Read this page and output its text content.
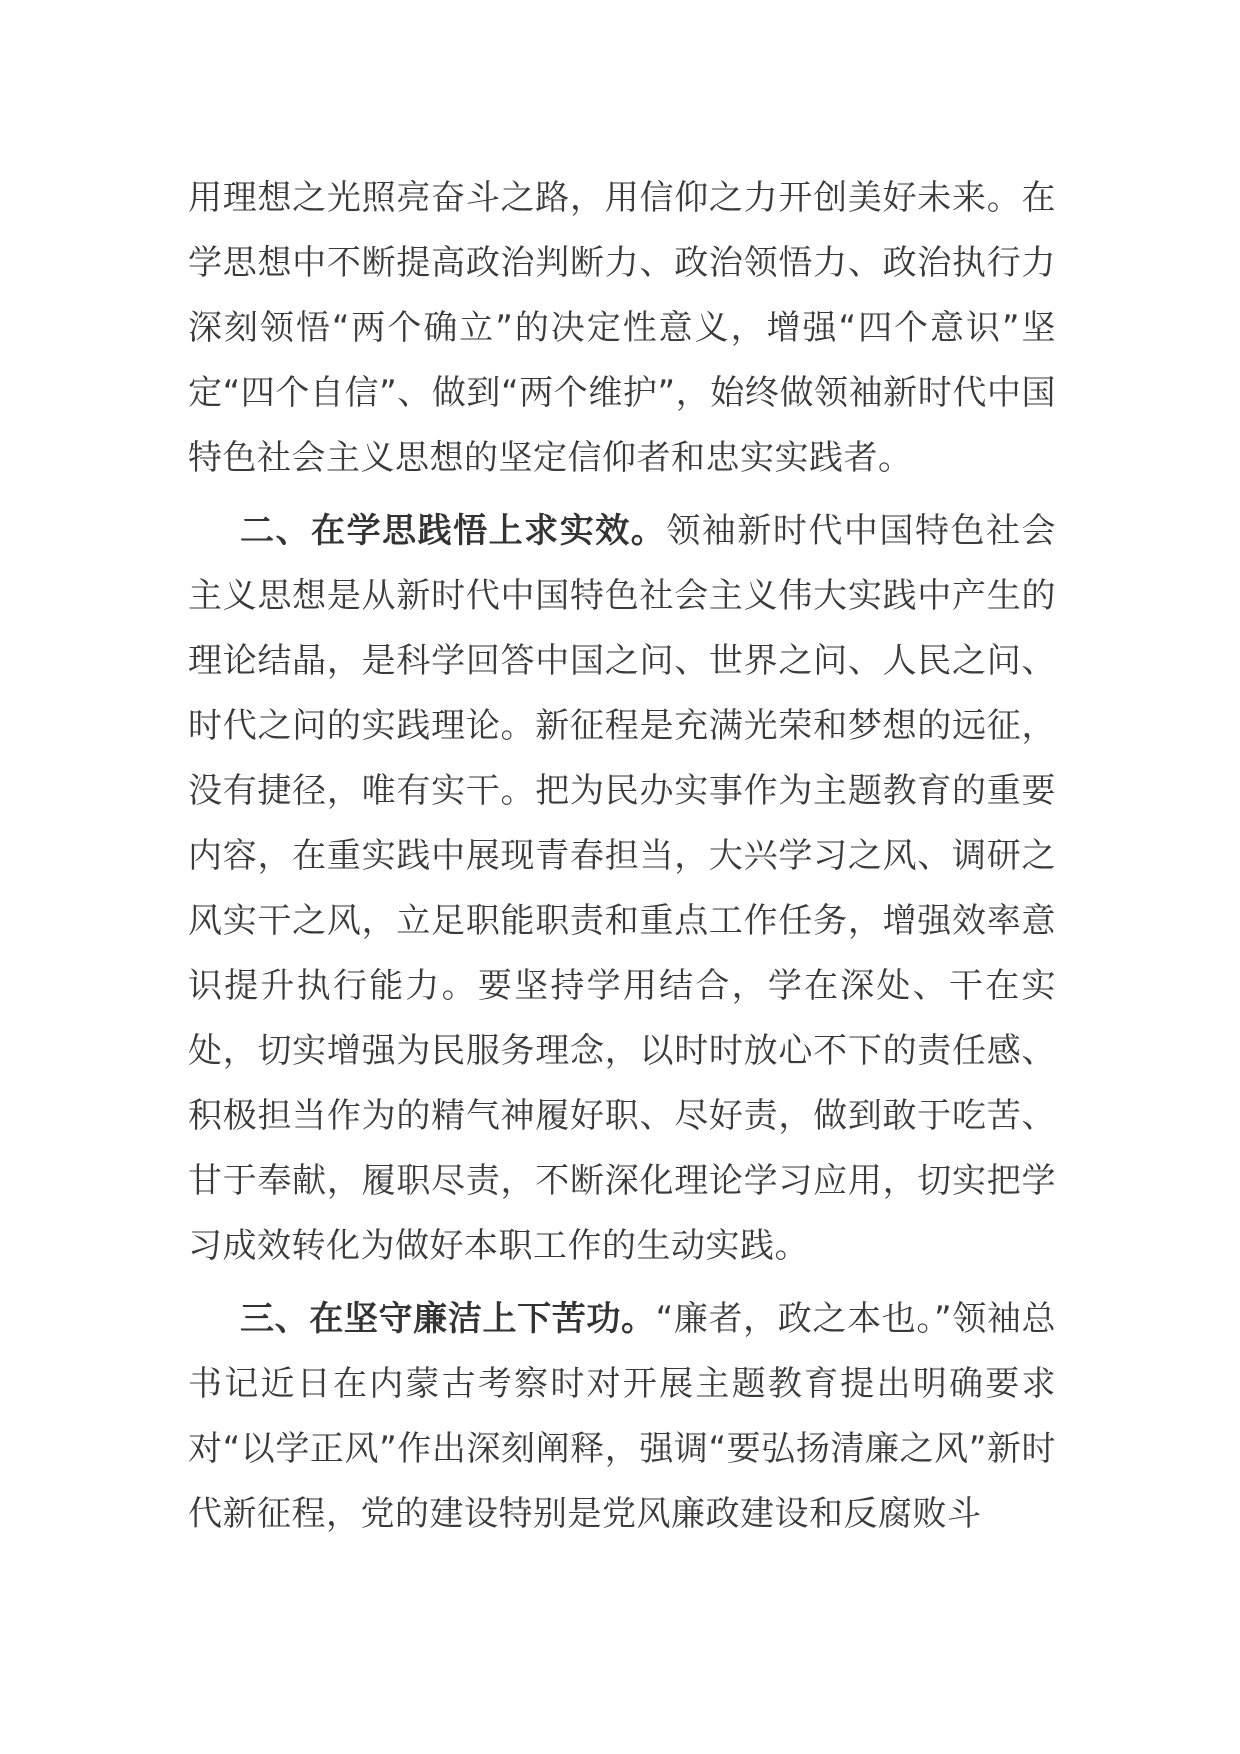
用理想之光照亮奋斗之路，用信仰之力开创美好未来。在学思想中不断提高政治判断力、政治领悟力、政治执行力深刻领悟“两个确立”的决定性意义，增强“四个意识”坚定“四个自信”、做到“两个维护”，始终做领袖新时代中国特色社会主义思想的坚定信仰者和忠实实践者。

二、在学思践悟上求实效。领袖新时代中国特色社会主义思想是从新时代中国特色社会主义伟大实践中产生的理论结晶，是科学回答中国之问、世界之问、人民之问、时代之问的实践理论。新征程是充满光荣和梦想的远征，没有捷径，唯有实干。把为民办实事作为主题教育的重要内容，在重实践中展现青春担当，大兴学习之风、调研之风实干之风，立足职能职责和重点工作任务，增强效率意识提升执行能力。要坚持学用结合，学在深处、干在实处，切实增强为民服务理念，以时时放心不下的责任感、积极担当作为的精气神履好职、尽好责，做到敢于吃苦、甘于奉献，履职尽责，不断深化理论学习应用，切实把学习成效转化为做好本职工作的生动实践。

三、在坚守廉洁上下苦功。“廉者，政之本也。”领袖总书记近日在内蒙古考察时对开展主题教育提出明确要求对“以学正风”作出深刻阐释，强调“要弘扬清廉之风”新时代新征程，党的建设特别是党风廉政建设和反腐败斗
